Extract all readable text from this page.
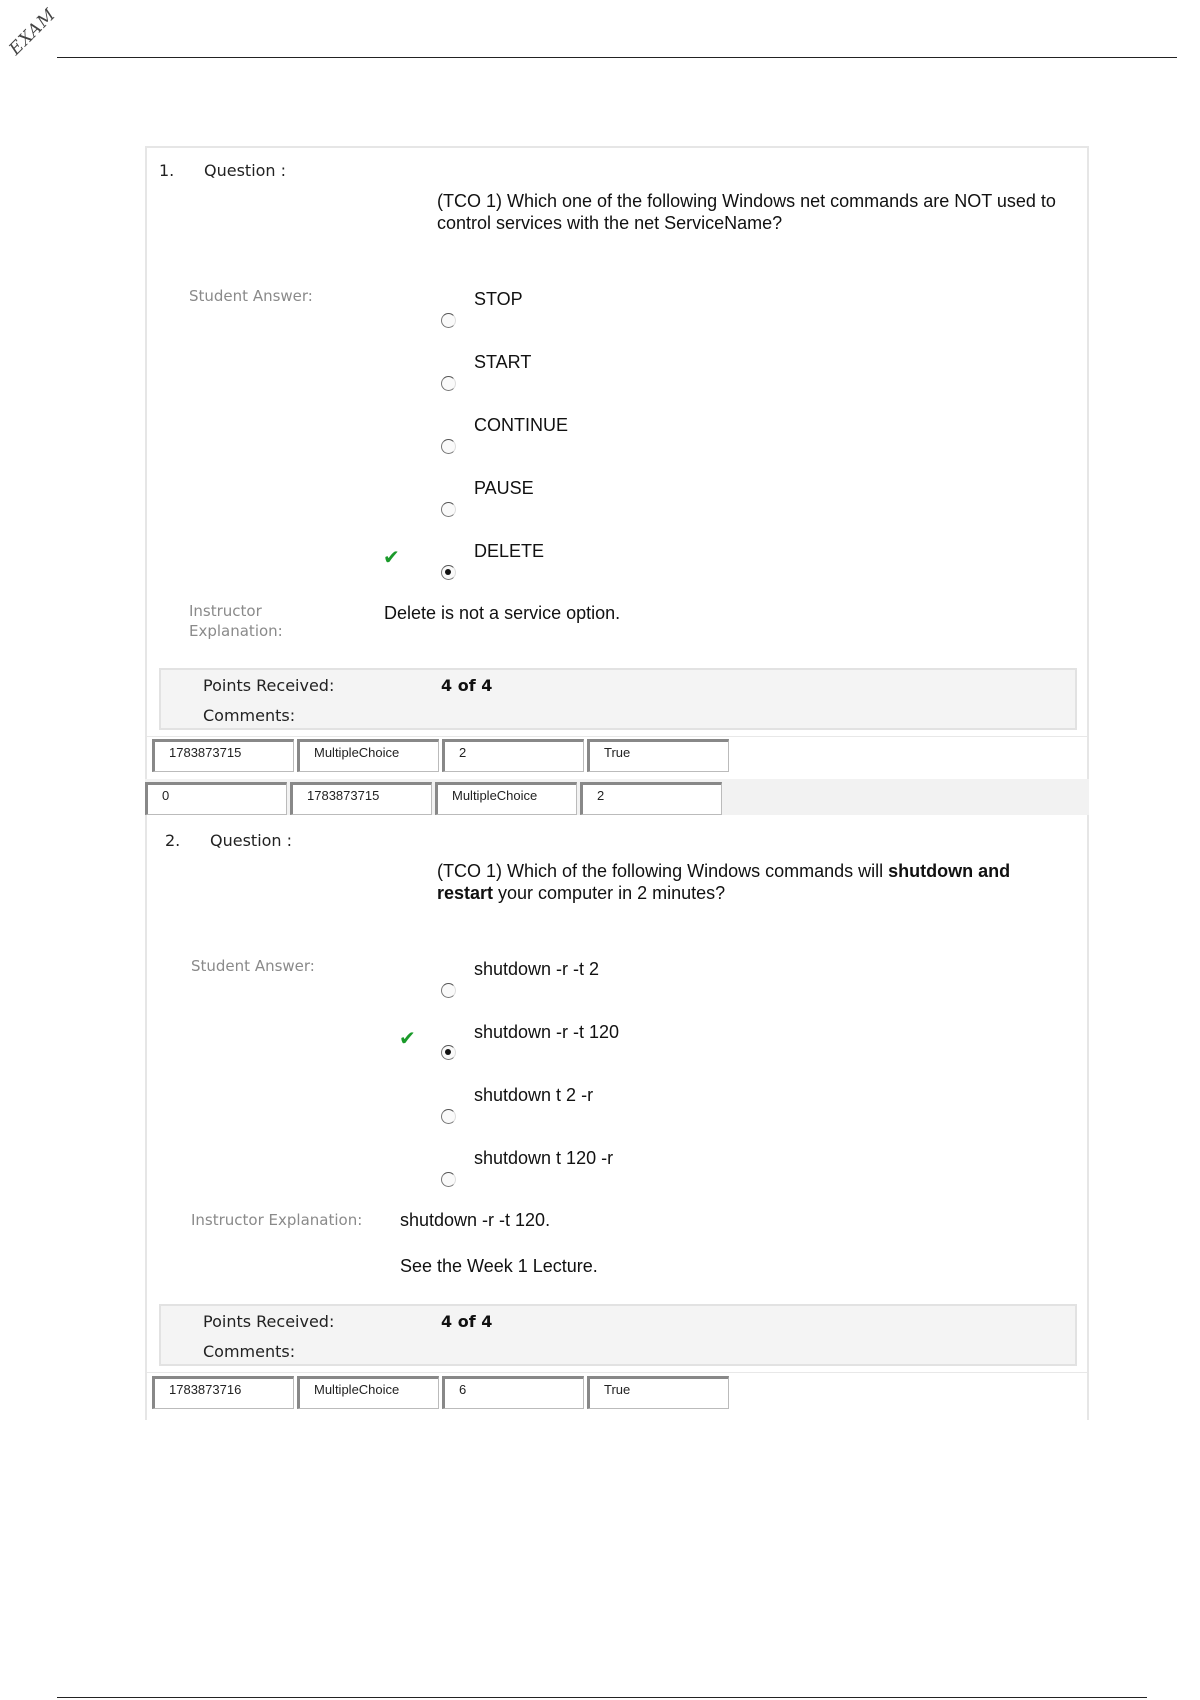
EXAM
1. Question :
(TCO 1) Which one of the following Windows net commands are NOT used to control services with the net ServiceName?
Student Answer:	STOP
START
CONTINUE
PAUSE
DELETE
✔
Instructor
Explanation:
Delete is not a service option.
Points Received:	4 of 4
Comments:
1783873715	MultipleChoice	2	True
0	1783873715	MultipleChoice	2
2. Question :
(TCO 1) Which of the following Windows commands will shutdown and restart your computer in 2 minutes?
Student Answer:	shutdown -r -t 2
shutdown -r -t 120
✔
shutdown t 2 -r
shutdown t 120 -r
Instructor Explanation: shutdown -r -t 120.
See the Week 1 Lecture.
Points Received:	4 of 4
Comments:
1783873716	MultipleChoice	6	True
